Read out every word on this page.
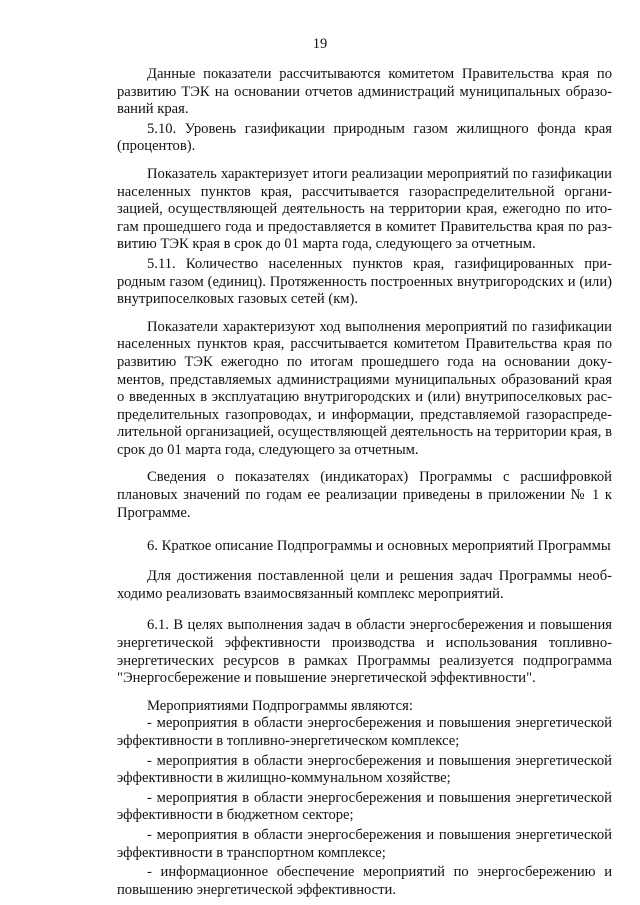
19

Данные показатели рассчитываются комитетом Правительства края по развитию ТЭК на основании отчетов администраций муниципальных образований края.

5.10. Уровень газификации природным газом жилищного фонда края (процентов).

Показатель характеризует итоги реализации мероприятий по газификации населенных пунктов края, рассчитывается газораспределительной организацией, осуществляющей деятельность на территории края, ежегодно по итогам прошедшего года и предоставляется в комитет Правительства края по развитию ТЭК края в срок до 01 марта года, следующего за отчетным.

5.11. Количество населенных пунктов края, газифицированных природным газом (единиц). Протяженность построенных внутригородских и (или) внутрипоселковых газовых сетей (км).

Показатели характеризуют ход выполнения мероприятий по газификации населенных пунктов края, рассчитывается комитетом Правительства края по развитию ТЭК ежегодно по итогам прошедшего года на основании документов, представляемых администрациями муниципальных образований края о введенных в эксплуатацию внутригородских и (или) внутрипоселковых распределительных газопроводах, и информации, представляемой газораспределительной организацией, осуществляющей деятельность на территории края, в срок до 01 марта года, следующего за отчетным.

Сведения о показателях (индикаторах) Программы с расшифровкой плановых значений по годам ее реализации приведены в приложении № 1 к Программе.

6. Краткое описание Подпрограммы и основных мероприятий Программы

Для достижения поставленной цели и решения задач Программы необходимо реализовать взаимосвязанный комплекс мероприятий.

6.1. В целях выполнения задач в области энергосбережения и повышения энергетической эффективности производства и использования топливно-энергетических ресурсов в рамках Программы реализуется подпрограмма "Энергосбережение и повышение энергетической эффективности".

Мероприятиями Подпрограммы являются:

- мероприятия в области энергосбережения и повышения энергетической эффективности в топливно-энергетическом комплексе;

- мероприятия в области энергосбережения и повышения энергетической эффективности в жилищно-коммунальном хозяйстве;

- мероприятия в области энергосбережения и повышения энергетической эффективности в бюджетном секторе;

- мероприятия в области энергосбережения и повышения энергетической эффективности в транспортном комплексе;

- информационное обеспечение мероприятий по энергосбережению и повышению энергетической эффективности.
